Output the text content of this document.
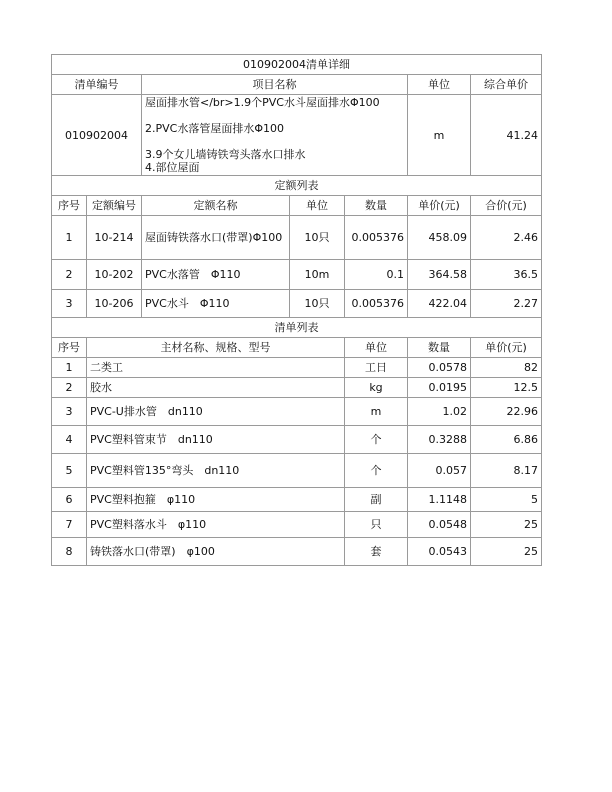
010902004清单详细							
清单编号		项目名称			单位	综合单价	
010902004		屋面排水管</br>1.9个PVC水斗屋面排水Φ100
2.PVC水落管屋面排水Φ100
3.9个女儿墙铸铁弯头落水口排水
4.部位屋面			m	41.24	
定额列表							
序号	定额编号	定额名称	单位	数量	单价(元)	合价(元)	
1	10-214	屋面铸铁落水口(带罩)Φ100	10只	0.005376	458.09	2.46	
2	10-202	PVC水落管　Φ110	10m	0.1	364.58	36.5	
3	10-206	PVC水斗　Φ110	10只	0.005376	422.04	2.27	
清单列表							
序号	主材名称、规格、型号			单位	数量	单价(元)	
1	二类工			工日	0.0578	82	
2	胶水			kg	0.0195	12.5	
3	PVC-U排水管　dn110			m	1.02	22.96	
4	PVC塑料管束节　dn110			个	0.3288	6.86	
5	PVC塑料管135°弯头　dn110			个	0.057	8.17	
6	PVC塑料抱箍　φ110			副	1.1148	5	
7	PVC塑料落水斗　φ110			只	0.0548	25	
8	铸铁落水口(带罩)　φ100			套	0.0543	25	
